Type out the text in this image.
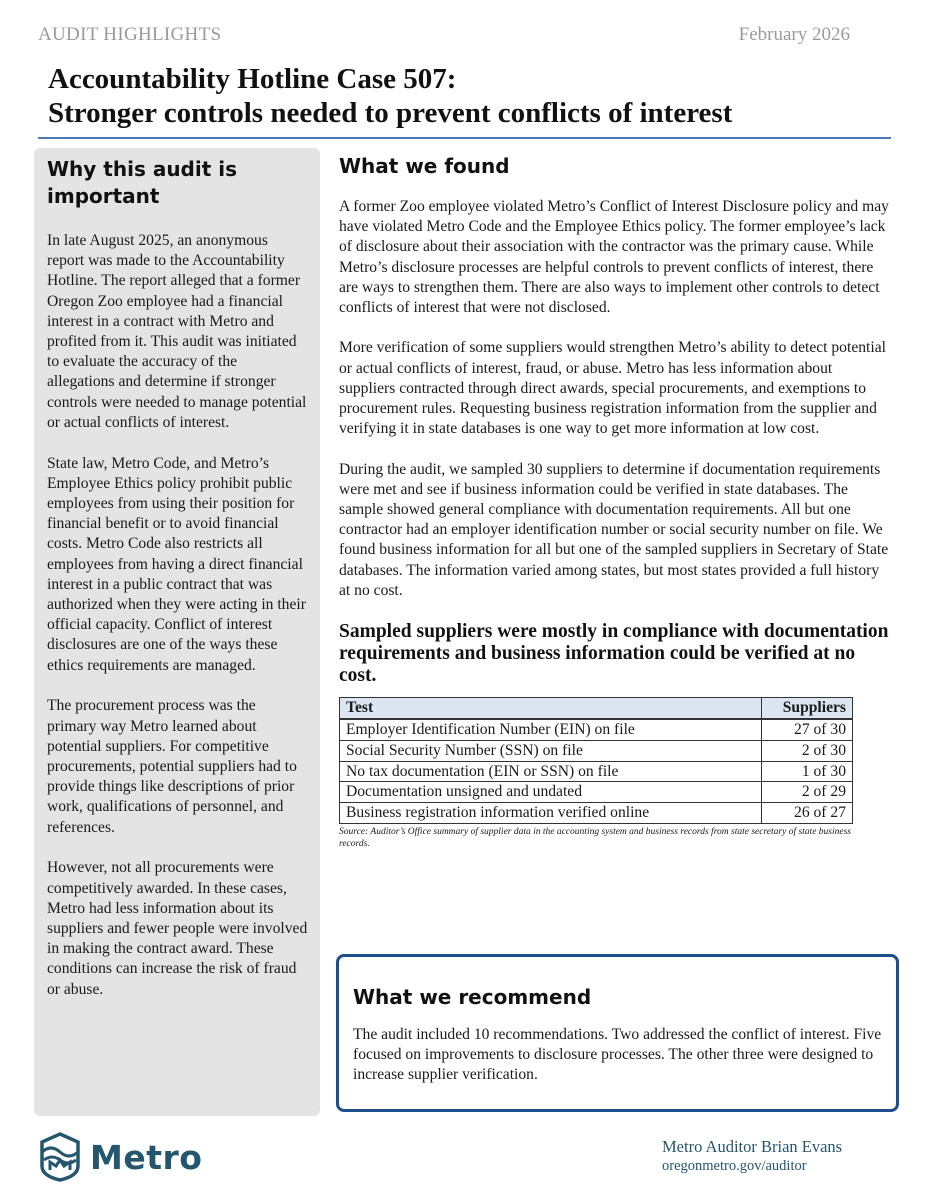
AUDIT HIGHLIGHTS	February 2026
Accountability Hotline Case 507:
Stronger controls needed to prevent conflicts of interest
Why this audit is important

In late August 2025, an anonymous report was made to the Accountability Hotline. The report alleged that a former Oregon Zoo employee had a financial interest in a contract with Metro and profited from it. This audit was initiated to evaluate the accuracy of the allegations and determine if stronger controls were needed to manage potential or actual conflicts of interest.

State law, Metro Code, and Metro’s Employee Ethics policy prohibit public employees from using their position for financial benefit or to avoid financial costs. Metro Code also restricts all employees from having a direct financial interest in a public contract that was authorized when they were acting in their official capacity. Conflict of interest disclosures are one of the ways these ethics requirements are managed.

The procurement process was the primary way Metro learned about potential suppliers. For competitive procurements, potential suppliers had to provide things like descriptions of prior work, qualifications of personnel, and references.

However, not all procurements were competitively awarded. In these cases, Metro had less information about its suppliers and fewer people were involved in making the contract award. These conditions can increase the risk of fraud or abuse.

What we found

A former Zoo employee violated Metro’s Conflict of Interest Disclosure policy and may have violated Metro Code and the Employee Ethics policy. The former employee’s lack of disclosure about their association with the contractor was the primary cause. While Metro’s disclosure processes are helpful controls to prevent conflicts of interest, there are ways to strengthen them. There are also ways to implement other controls to detect conflicts of interest that were not disclosed.

More verification of some suppliers would strengthen Metro’s ability to detect potential or actual conflicts of interest, fraud, or abuse. Metro has less information about suppliers contracted through direct awards, special procurements, and exemptions to procurement rules. Requesting business registration information from the supplier and verifying it in state databases is one way to get more information at low cost.

During the audit, we sampled 30 suppliers to determine if documentation requirements were met and see if business information could be verified in state databases. The sample showed general compliance with documentation requirements. All but one contractor had an employer identification number or social security number on file. We found business information for all but one of the sampled suppliers in Secretary of State databases. The information varied among states, but most states provided a full history at no cost.

Sampled suppliers were mostly in compliance with documentation requirements and business information could be verified at no cost.
Test	Suppliers
Employer Identification Number (EIN) on file	27 of 30
Social Security Number (SSN) on file	2 of 30
No tax documentation (EIN or SSN) on file	1 of 30
Documentation unsigned and undated	2 of 29
Business registration information verified online	26 of 27
Source: Auditor’s Office summary of supplier data in the accounting system and business records from state secretary of state business records.
What we recommend

The audit included 10 recommendations. Two addressed the conflict of interest. Five focused on improvements to disclosure processes. The other three were designed to increase supplier verification.

Metro	Metro Auditor Brian Evans
oregonmetro.gov/auditor
